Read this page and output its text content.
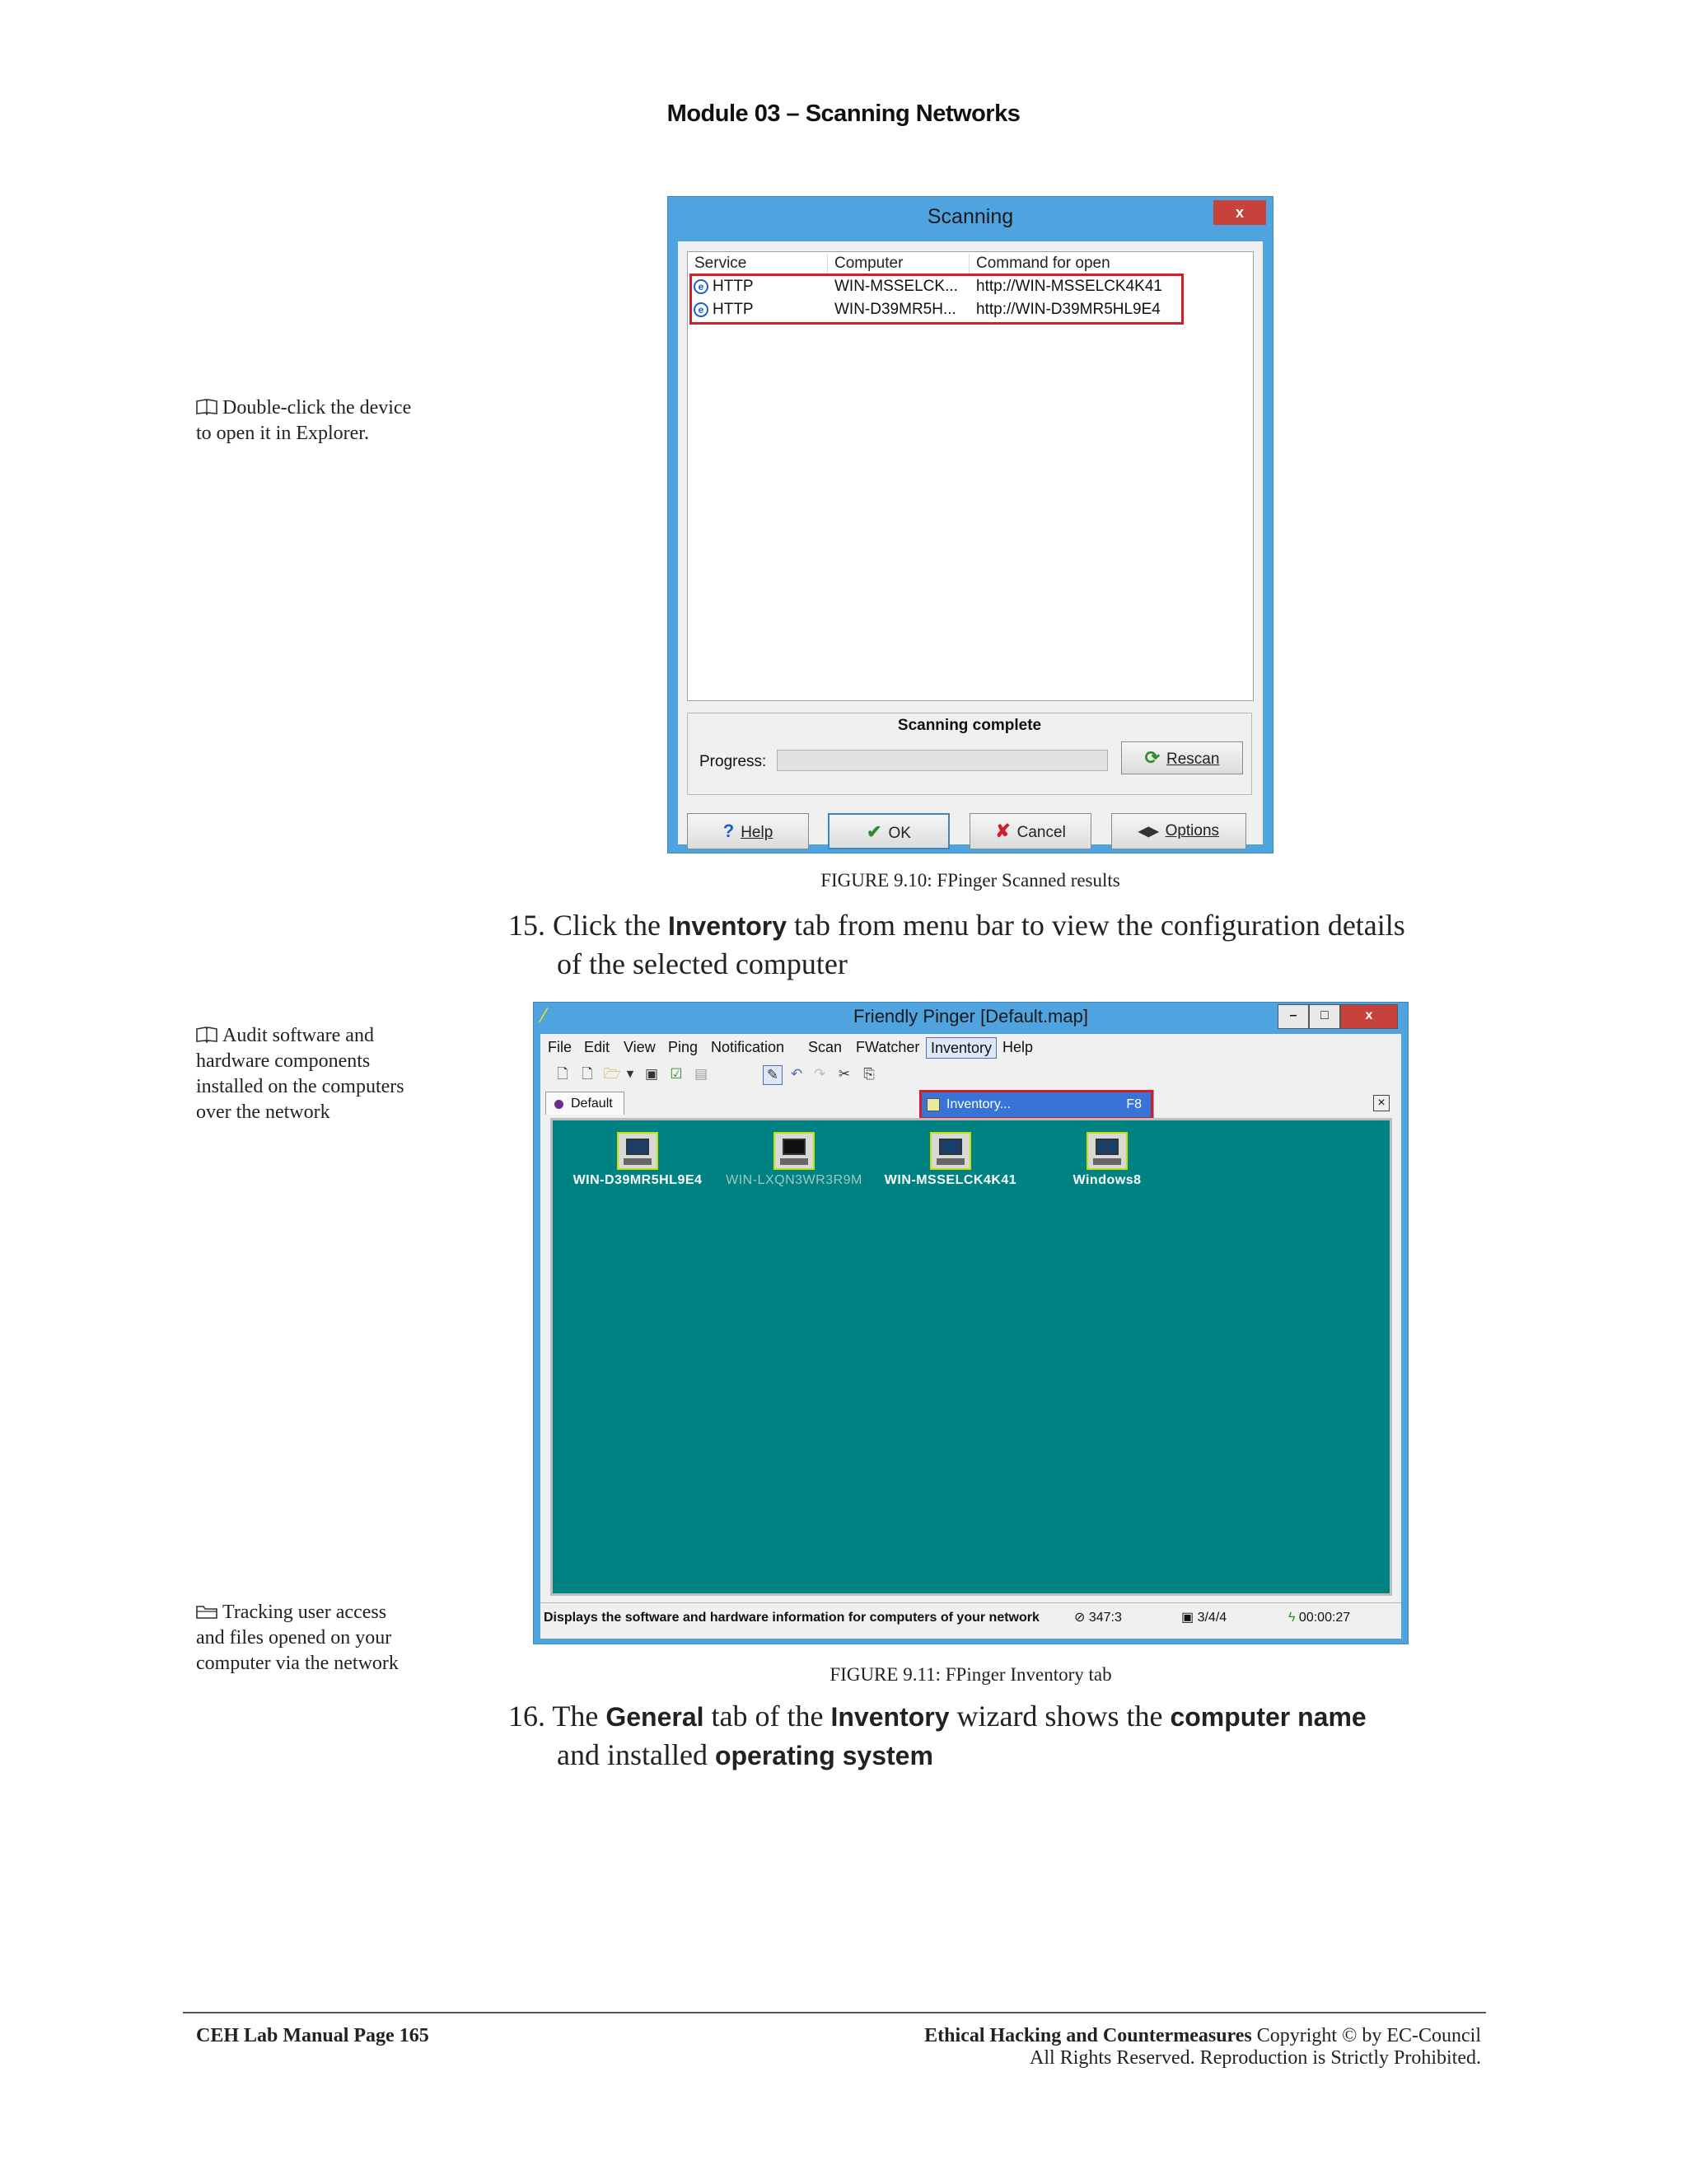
Module 03 – Scanning Networks
Double-click the device
to open it in Explorer.
Scanning	x
Service	Computer	Command for open
e HTTP	WIN-MSSELCK... http://WIN-MSSELCK4K41
e HTTP	WIN-D39MR5H... http://WIN-D39MR5HL9E4
Scanning complete
Progress:	⟳ Rescan
? Help	✔ OK	✘ Cancel	◀▶ Options
FIGURE 9.10: FPinger Scanned results
15. Click the Inventory tab from menu bar to view the configuration details
of the selected computer
Audit software and
hardware components
installed on the computers
over the network
⁄	Friendly Pinger [Default.map]	–	□	x
File Edit View Ping Notification Scan FWatcher Inventory Help
🗋 🗋 🗁 ▼ ▣ ☑ ▤	✎ ↶ ↷ ✂ ⎘
Default	×
Inventory...	F8
WIN-D39MR5HL9E4	WIN-LXQN3WR3R9M	WIN-MSSELCK4K41	Windows8
Displays the software and hardware information for computers of your network	⊘ 347:3	▣ 3/4/4	ϟ 00:00:27
FIGURE 9.11: FPinger Inventory tab
Tracking user access
and files opened on your
computer via the network
16. The General tab of the Inventory wizard shows the computer name
and installed operating system
CEH Lab Manual Page 165	Ethical Hacking and Countermeasures Copyright © by EC-Council
All Rights Reserved. Reproduction is Strictly Prohibited.
